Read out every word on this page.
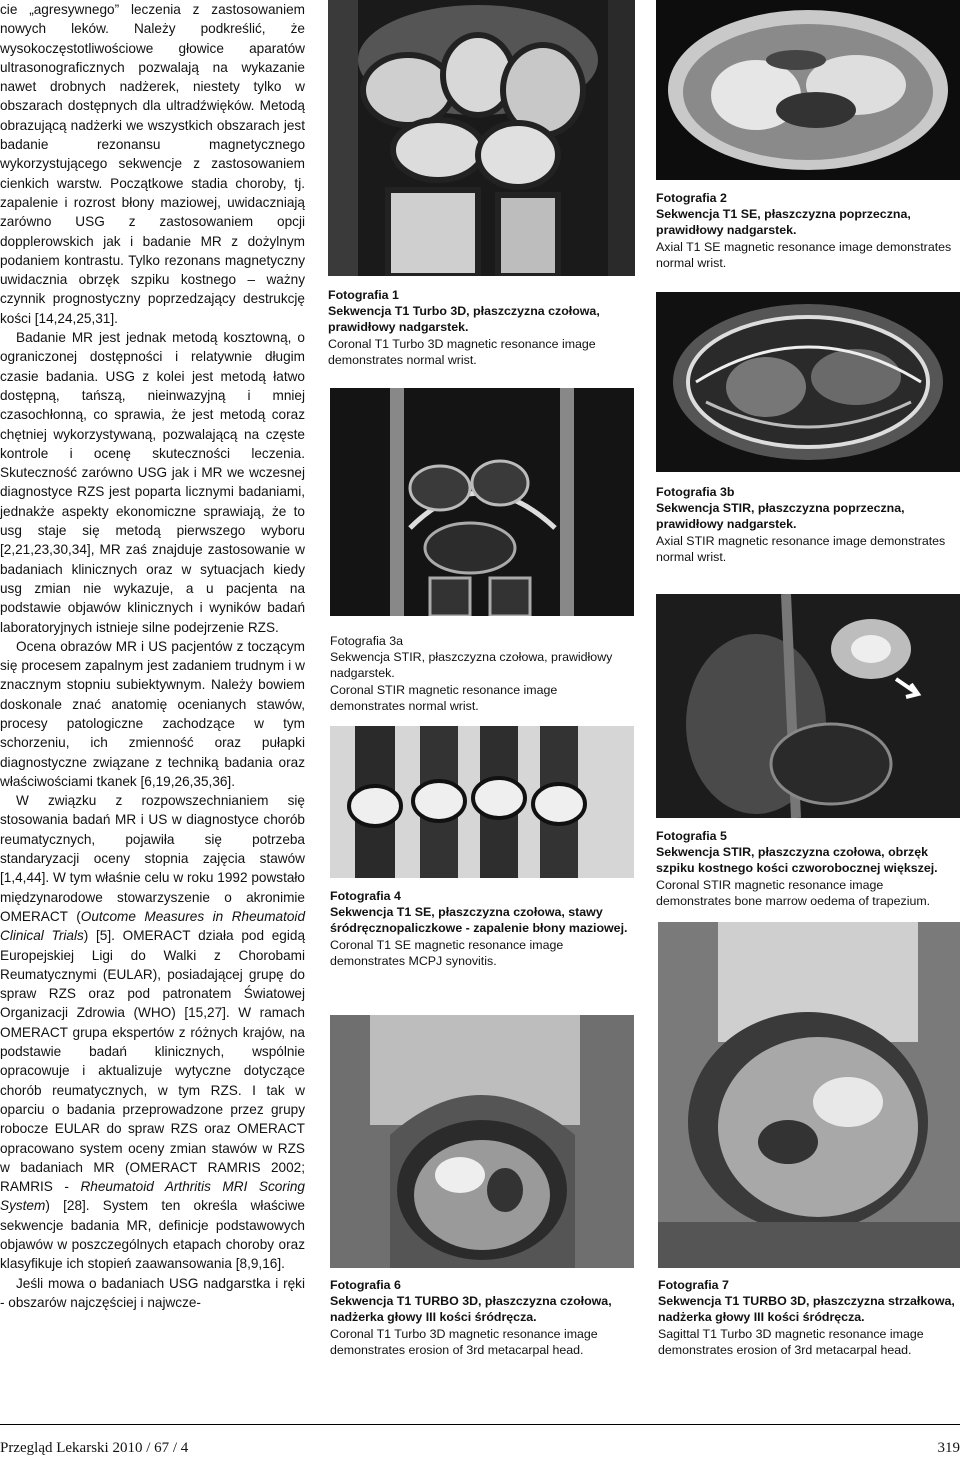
cie „agresywnego” leczenia z zastosowaniem nowych leków. Należy podkreślić, że wysokoczęstotliwościowe głowice aparatów ultrasonograficznych pozwalają na wykazanie nawet drobnych nadżerek, niestety tylko w obszarach dostępnych dla ultradźwięków. Metodą obrazującą nadżerki we wszystkich obszarach jest badanie rezonansu magnetycznego wykorzystującego sekwencje z zastosowaniem cienkich warstw. Początkowe stadia choroby, tj. zapalenie i rozrost błony maziowej, uwidaczniają zarówno USG z zastosowaniem opcji dopplerowskich jak i badanie MR z dożylnym podaniem kontrastu. Tylko rezonans magnetyczny uwidacznia obrzęk szpiku kostnego – ważny czynnik prognostyczny poprzedzający destrukcję kości [14,24,25,31].

Badanie MR jest jednak metodą kosztowną, o ograniczonej dostępności i relatywnie długim czasie badania. USG z kolei jest metodą łatwo dostępną, tańszą, nieinwazyjną i mniej czasochłonną, co sprawia, że jest metodą coraz chętniej wykorzystywaną, pozwalającą na częste kontrole i ocenę skuteczności leczenia. Skuteczność zarówno USG jak i MR we wczesnej diagnostyce RZS jest poparta licznymi badaniami, jednakże aspekty ekonomiczne sprawiają, że to usg staje się metodą pierwszego wyboru [2,21,23,30,34], MR zaś znajduje zastosowanie w badaniach klinicznych oraz w sytuacjach kiedy usg zmian nie wykazuje, a u pacjenta na podstawie objawów klinicznych i wyników badań laboratoryjnych istnieje silne podejrzenie RZS.

Ocena obrazów MR i US pacjentów z toczącym się procesem zapalnym jest zadaniem trudnym i w znacznym stopniu subiektywnym. Należy bowiem doskonale znać anatomię ocenianych stawów, procesy patologiczne zachodzące w tym schorzeniu, ich zmienność oraz pułapki diagnostyczne związane z techniką badania oraz właściwościami tkanek [6,19,26,35,36].

W związku z rozpowszechnianiem się stosowania badań MR i US w diagnostyce chorób reumatycznych, pojawiła się potrzeba standaryzacji oceny stopnia zajęcia stawów [1,4,44]. W tym właśnie celu w roku 1992 powstało międzynarodowe stowarzyszenie o akronimie OMERACT (Outcome Measures in Rheumatoid Clinical Trials) [5]. OMERACT działa pod egidą Europejskiej Ligi do Walki z Chorobami Reumatycznymi (EULAR), posiadającej grupę do spraw RZS oraz pod patronatem Światowej Organizacji Zdrowia (WHO) [15,27]. W ramach OMERACT grupa ekspertów z różnych krajów, na podstawie badań klinicznych, wspólnie opracowuje i aktualizuje wytyczne dotyczące chorób reumatycznych, w tym RZS. I tak w oparciu o badania przeprowadzone przez grupy robocze EULAR do spraw RZS oraz OMERACT opracowano system oceny zmian stawów w RZS w badaniach MR (OMERACT RAMRIS 2002; RAMRIS - Rheumatoid Arthritis MRI Scoring System) [28]. System ten określa właściwe sekwencje badania MR, definicje podstawowych objawów w poszczególnych etapach choroby oraz klasyfikuje ich stopień zaawansowania [8,9,16].

Jeśli mowa o badaniach USG nadgarstka i ręki - obszarów najczęściej i najwcze-

Fotografia 1
Sekwencja T1 Turbo 3D, płaszczyzna czołowa, prawidłowy nadgarstek.
Coronal T1 Turbo 3D magnetic resonance image demonstrates normal wrist.
Fotografia 2
Sekwencja T1 SE, płaszczyzna poprzeczna, prawidłowy nadgarstek.
Axial T1 SE magnetic resonance image demonstrates normal wrist.
Fotografia 3b
Sekwencja STIR, płaszczyzna poprzeczna, prawidłowy nadgarstek.
Axial STIR magnetic resonance image demonstrates normal wrist.
Fotografia 3a
Sekwencja STIR, płaszczyzna czołowa, prawidłowy nadgarstek.
Coronal STIR magnetic resonance image demonstrates normal wrist.
Fotografia 5
Sekwencja STIR, płaszczyzna czołowa, obrzęk szpiku kostnego kości czworobocznej większej.
Coronal STIR magnetic resonance image demonstrates bone marrow oedema of trapezium.
Fotografia 4
Sekwencja T1 SE, płaszczyzna czołowa, stawy śródręcznopaliczkowe - zapalenie błony maziowej.
Coronal T1 SE magnetic resonance image demonstrates MCPJ synovitis.
Fotografia 6
Sekwencja T1 TURBO 3D, płaszczyzna czołowa, nadżerka głowy III kości śródręcza.
Coronal T1 Turbo 3D magnetic resonance image demonstrates erosion of 3rd metacarpal head.
Fotografia 7
Sekwencja T1 TURBO 3D, płaszczyzna strzałkowa, nadżerka głowy III kości śródręcza.
Sagittal T1 Turbo 3D magnetic resonance image demonstrates erosion of 3rd metacarpal head.
Przegląd Lekarski 2010 / 67 / 4	319
